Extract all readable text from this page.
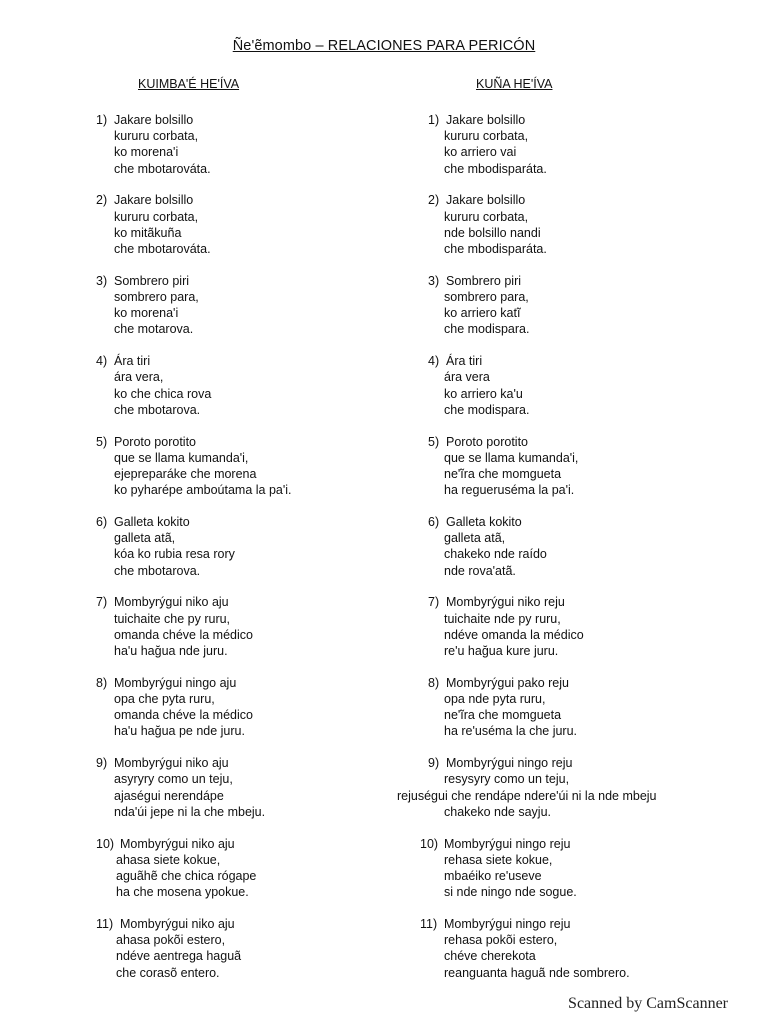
Ñe'ẽmombo – RELACIONES PARA PERICÓN
KUIMBA'É HE'ÍVA
1) Jakare bolsillo
kururu corbata,
ko morena'i
che mbotarováta.
2) Jakare bolsillo
kururu corbata,
ko mitãkuña
che mbotarováta.
3) Sombrero piri
sombrero para,
ko morena'i
che motarova.
4) Ára tiri
ára vera,
ko che chica rova
che mbotarova.
5) Poroto porotito
que se llama kumanda'i,
ejepreparáke che morena
ko pyharépe amboútama la pa'i.
6) Galleta kokito
galleta atã,
kóa ko rubia resa rory
che mbotarova.
7) Mombyrýgui niko aju
tuichaite che py ruru,
omanda chéve la médico
ha'u hağua nde juru.
8) Mombyrýgui ningo aju
opa che pyta ruru,
omanda chéve la médico
ha'u hağua pe nde juru.
9) Mombyrýgui niko aju
asyryry como un teju,
ajaségui nerendápe
nda'úi jepe ni la che mbeju.
10) Mombyrýgui niko aju
ahasa siete kokue,
aguãhẽ che chica rógape
ha che mosena ypokue.
11) Mombyrýgui niko aju
ahasa pokõi estero,
ndéve aentrega haguã
che corasõ entero.
KUÑA HE'ÍVA
1) Jakare bolsillo
kururu corbata,
ko arriero vai
che mbodisparáta.
2) Jakare bolsillo
kururu corbata,
nde bolsillo nandi
che mbodisparáta.
3) Sombrero piri
sombrero para,
ko arriero katĩ
che modispara.
4) Ára tiri
ára vera
ko arriero ka'u
che modispara.
5) Poroto porotito
que se llama kumanda'i,
ne'ĩra che momgueta
ha regueruséma la pa'i.
6) Galleta kokito
galleta atã,
chakeko nde raído
nde rova'atã.
7) Mombyrýgui niko reju
tuichaite nde py ruru,
ndéve omanda la médico
re'u hağua kure juru.
8) Mombyrýgui pako reju
opa nde pyta ruru,
ne'ĩra che momgueta
ha re'uséma la che juru.
9) Mombyrýgui ningo reju
resysyry como un teju,
rejuségui che rendápe ndere'úi ni la nde mbeju
chakeko nde sayju.
10) Mombyrýgui ningo reju
rehasa siete kokue,
mbaéiko re'useve
si nde ningo nde sogue.
11) Mombyrýgui ningo reju
rehasa pokõi estero,
chéve cherekota
reanguanta haguã nde sombrero.
Scanned by CamScanner
